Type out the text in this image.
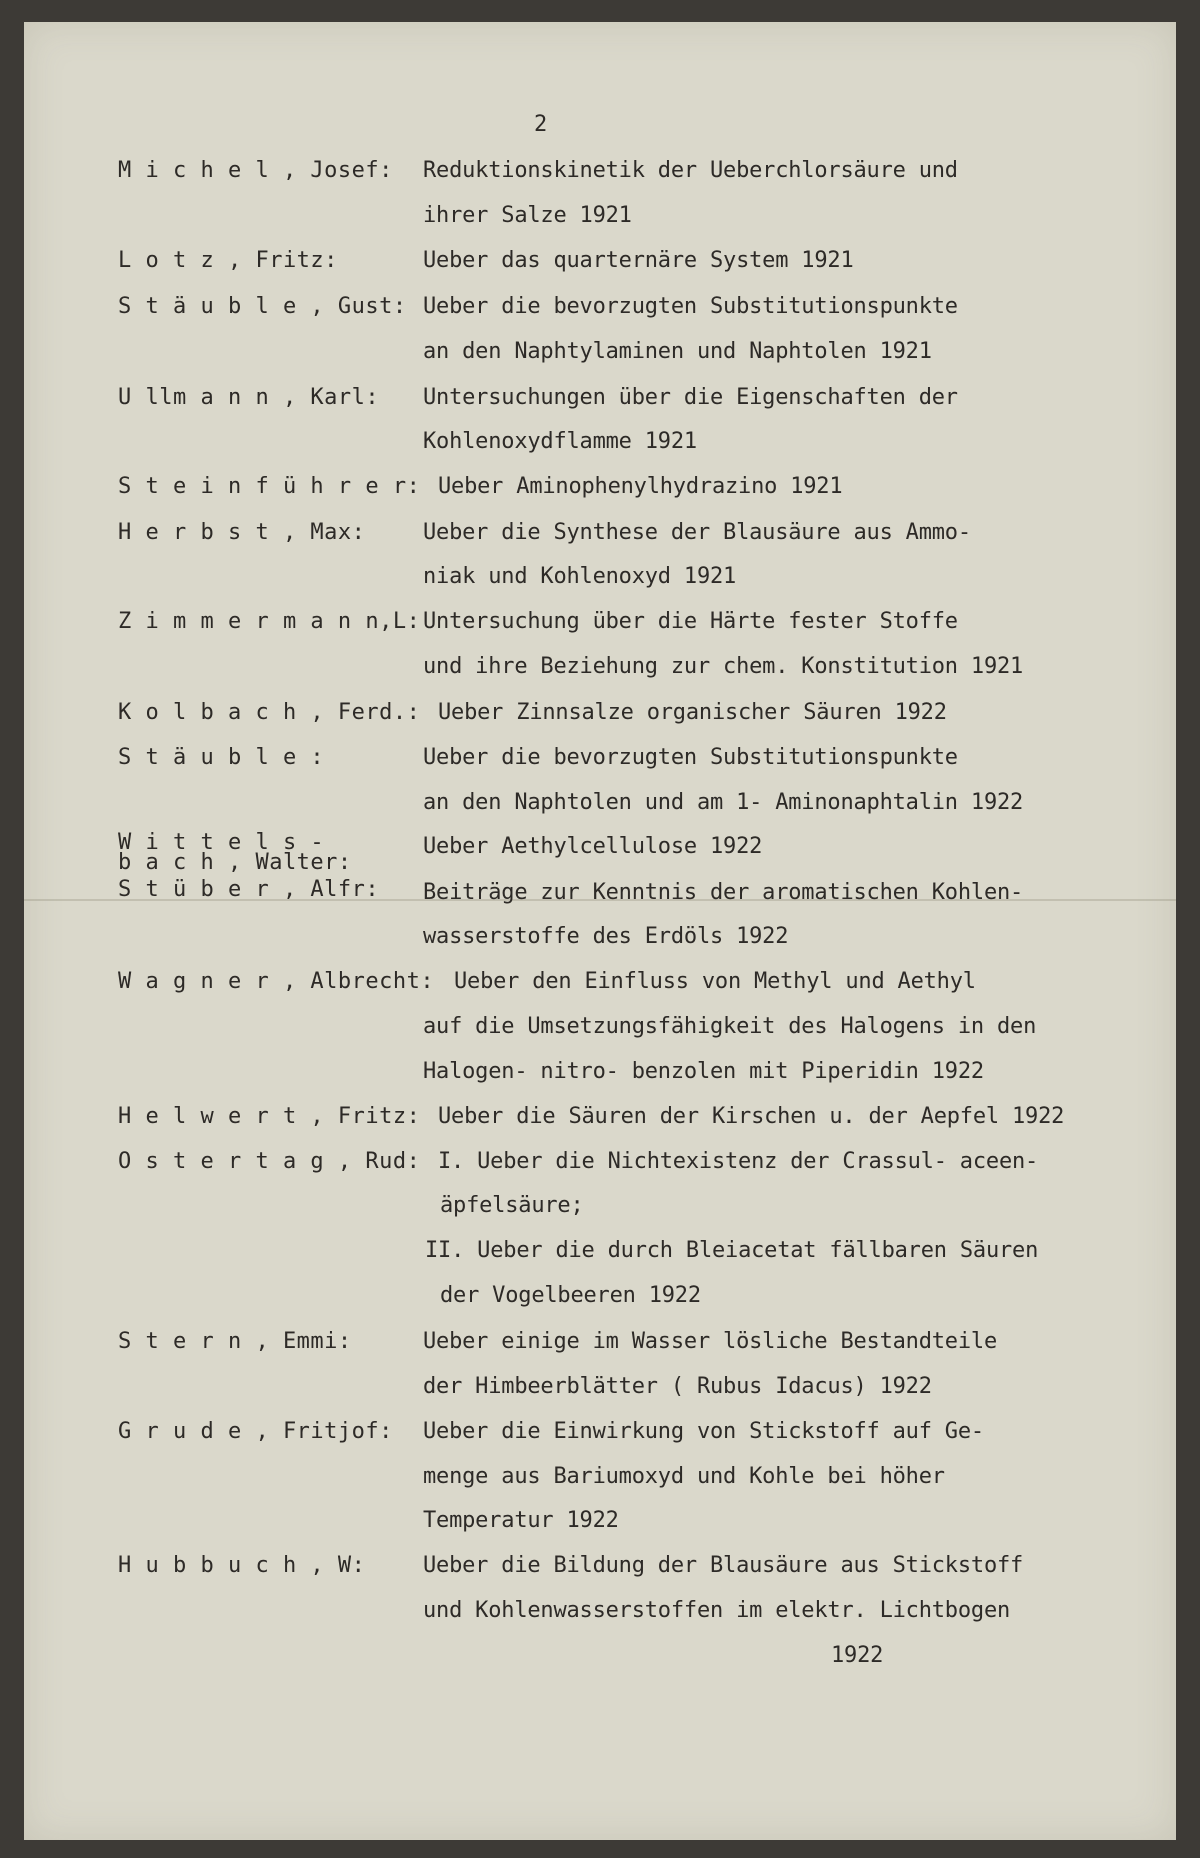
2
M i c h e l , Josef: Reduktionskinetik der Ueberchlorsäure und
ihrer Salze 1921
L o t z , Fritz:	Ueber das quarternäre System 1921
S t ä u b l e , Gust: Ueber die bevorzugten Substitutionspunkte
an den Naphtylaminen und Naphtolen 1921
U llm a n n , Karl: Untersuchungen über die Eigenschaften der
Kohlenoxydflamme 1921
S t e i n f ü h r e r: Ueber Aminophenylhydrazino 1921
H e r b s t , Max:	Ueber die Synthese der Blausäure aus Ammo-
niak und Kohlenoxyd 1921
Z i m m e r m a n n,L: Untersuchung über die Härte fester Stoffe
und ihre Beziehung zur chem. Konstitution 1921
K o l b a c h , Ferd.: Ueber Zinnsalze organischer Säuren 1922
S t ä u b l e :	Ueber die bevorzugten Substitutionspunkte
an den Naphtolen und am 1- Aminonaphtalin 1922
W i t t e l s -
b a c h , Walter:
Ueber Aethylcellulose 1922
S t ü b e r , Alfr: Beiträge zur Kenntnis der aromatischen Kohlen-
wasserstoffe des Erdöls 1922
W a g n e r , Albrecht: Ueber den Einfluss von Methyl und Aethyl
auf die Umsetzungsfähigkeit des Halogens in den
Halogen- nitro- benzolen mit Piperidin 1922
H e l w e r t , Fritz: Ueber die Säuren der Kirschen u. der Aepfel 1922
O s t e r t a g , Rud: I. Ueber die Nichtexistenz der Crassul- aceen-
äpfelsäure;
II. Ueber die durch Bleiacetat fällbaren Säuren
der Vogelbeeren 1922
S t e r n , Emmi:	Ueber einige im Wasser lösliche Bestandteile
der Himbeerblätter ( Rubus Idacus) 1922
G r u d e , Fritjof: Ueber die Einwirkung von Stickstoff auf Ge-
menge aus Bariumoxyd und Kohle bei höher
Temperatur 1922
H u b b u c h , W:	Ueber die Bildung der Blausäure aus Stickstoff
und Kohlenwasserstoffen im elektr. Lichtbogen
1922
